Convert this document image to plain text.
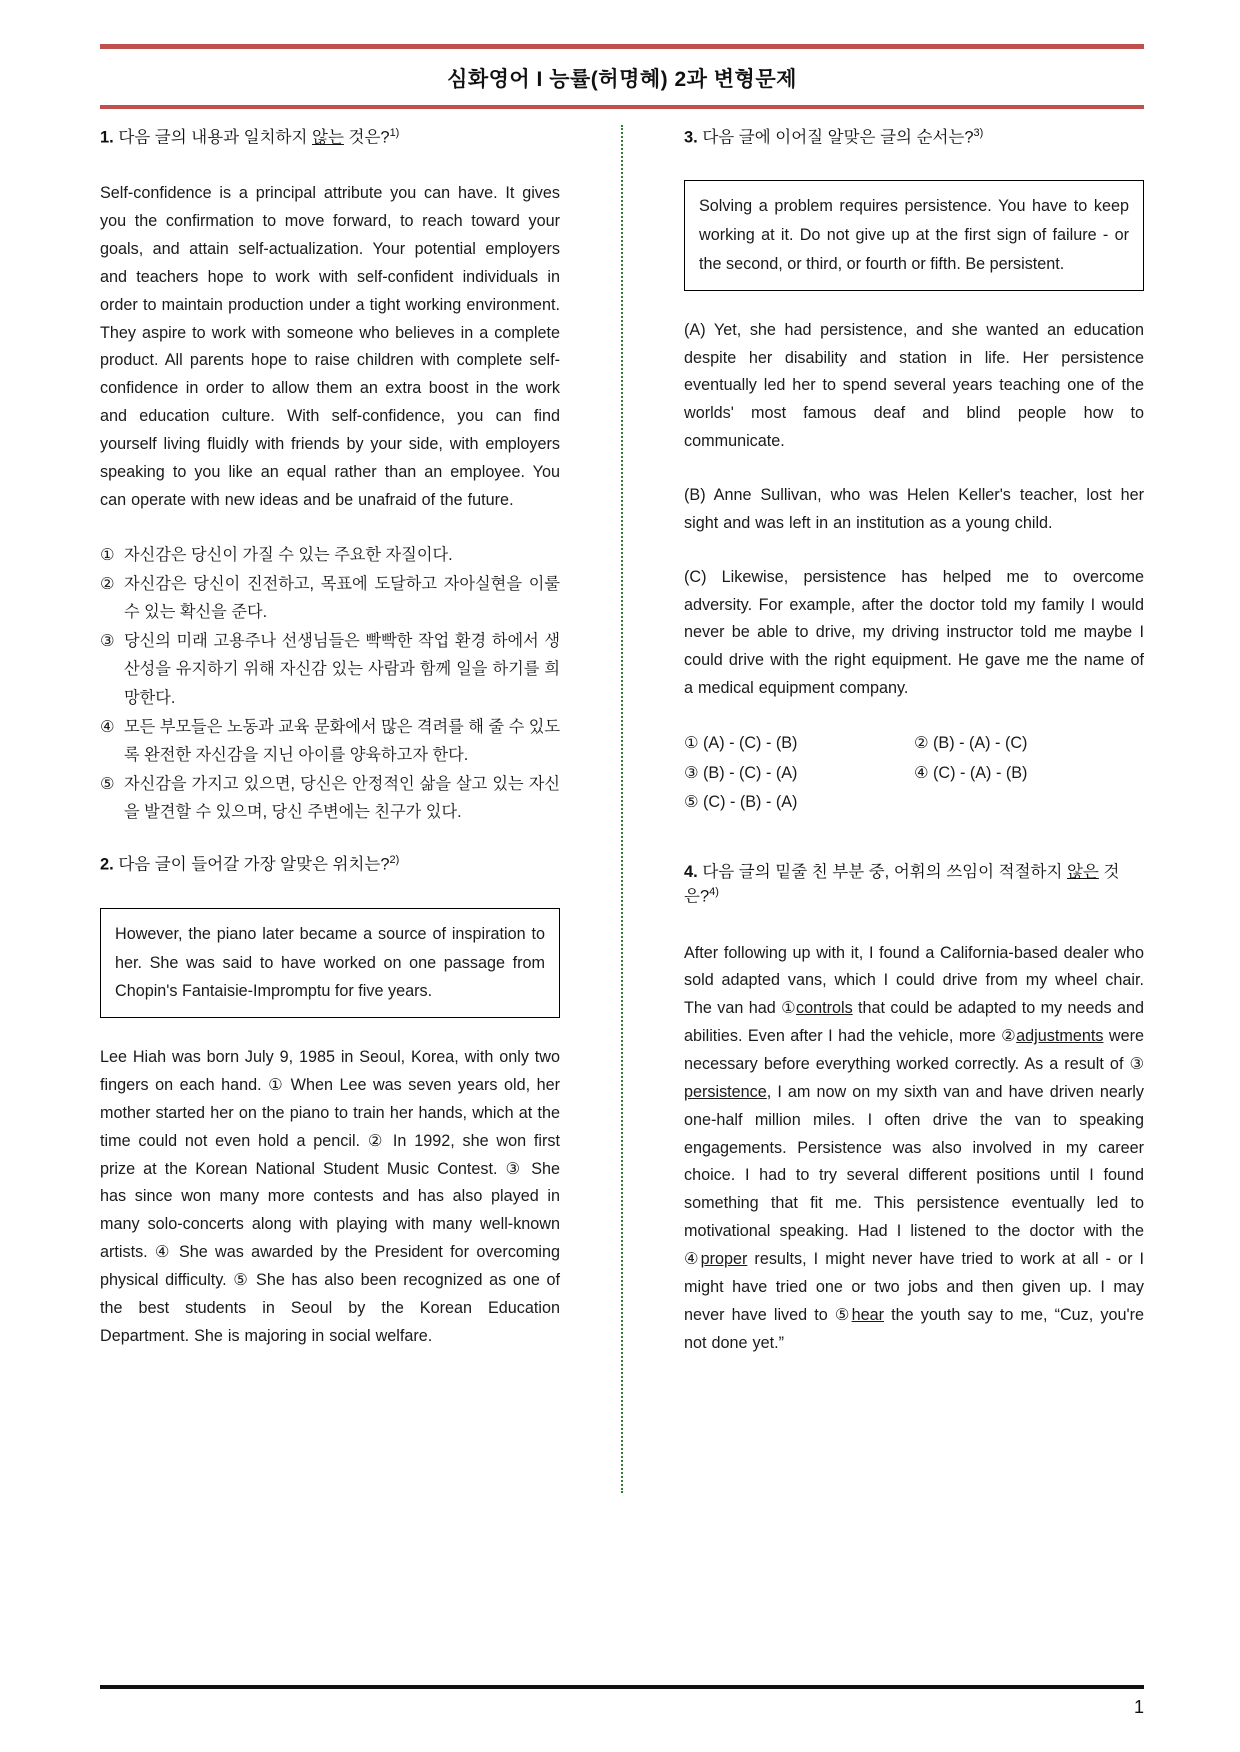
심화영어 I 능률(허명혜) 2과 변형문제
1. 다음 글의 내용과 일치하지 않는 것은?$^{1)}$
Self-confidence is a principal attribute you can have. It gives you the confirmation to move forward, to reach toward your goals, and attain self-actualization. Your potential employers and teachers hope to work with self-confident individuals in order to maintain production under a tight working environment. They aspire to work with someone who believes in a complete product. All parents hope to raise children with complete self-confidence in order to allow them an extra boost in the work and education culture. With self-confidence, you can find yourself living fluidly with friends by your side, with employers speaking to you like an equal rather than an employee. You can operate with new ideas and be unafraid of the future.
① 자신감은 당신이 가질 수 있는 주요한 자질이다.
② 자신감은 당신이 진전하고, 목표에 도달하고 자아실현을 이룰 수 있는 확신을 준다.
③ 당신의 미래 고용주나 선생님들은 빡빡한 작업 환경 하에서 생산성을 유지하기 위해 자신감 있는 사람과 함께 일을 하기를 희망한다.
④ 모든 부모들은 노동과 교육 문화에서 많은 격려를 해 줄 수 있도록 완전한 자신감을 지닌 아이를 양육하고자 한다.
⑤ 자신감을 가지고 있으면, 당신은 안정적인 삶을 살고 있는 자신을 발견할 수 있으며, 당신 주변에는 친구가 있다.
2. 다음 글이 들어갈 가장 알맞은 위치는?$^{2)}$
However, the piano later became a source of inspiration to her. She was said to have worked on one passage from Chopin's Fantaisie-Impromptu for five years.
Lee Hiah was born July 9, 1985 in Seoul, Korea, with only two fingers on each hand. ① When Lee was seven years old, her mother started her on the piano to train her hands, which at the time could not even hold a pencil. ② In 1992, she won first prize at the Korean National Student Music Contest. ③ She has since won many more contests and has also played in many solo-concerts along with playing with many well-known artists. ④ She was awarded by the President for overcoming physical difficulty. ⑤ She has also been recognized as one of the best students in Seoul by the Korean Education Department. She is majoring in social welfare.
3. 다음 글에 이어질 알맞은 글의 순서는?$^{3)}$
Solving a problem requires persistence. You have to keep working at it. Do not give up at the first sign of failure - or the second, or third, or fourth or fifth. Be persistent.
(A) Yet, she had persistence, and she wanted an education despite her disability and station in life. Her persistence eventually led her to spend several years teaching one of the worlds' most famous deaf and blind people how to communicate.
(B) Anne Sullivan, who was Helen Keller's teacher, lost her sight and was left in an institution as a young child.
(C) Likewise, persistence has helped me to overcome adversity. For example, after the doctor told my family I would never be able to drive, my driving instructor told me maybe I could drive with the right equipment. He gave me the name of a medical equipment company.
① (A) - (C) - (B)	② (B) - (A) - (C)
③ (B) - (C) - (A)	④ (C) - (A) - (B)
⑤ (C) - (B) - (A)
4. 다음 글의 밑줄 친 부분 중, 어휘의 쓰임이 적절하지 않은 것은?$^{4)}$
After following up with it, I found a California-based dealer who sold adapted vans, which I could drive from my wheel chair. The van had ①controls that could be adapted to my needs and abilities. Even after I had the vehicle, more ②adjustments were necessary before everything worked correctly. As a result of ③ persistence, I am now on my sixth van and have driven nearly one-half million miles. I often drive the van to speaking engagements. Persistence was also involved in my career choice. I had to try several different positions until I found something that fit me. This persistence eventually led to motivational speaking. Had I listened to the doctor with the ④proper results, I might never have tried to work at all - or I might have tried one or two jobs and then given up. I may never have lived to ⑤hear the youth say to me, “Cuz, you're not done yet.”
1
